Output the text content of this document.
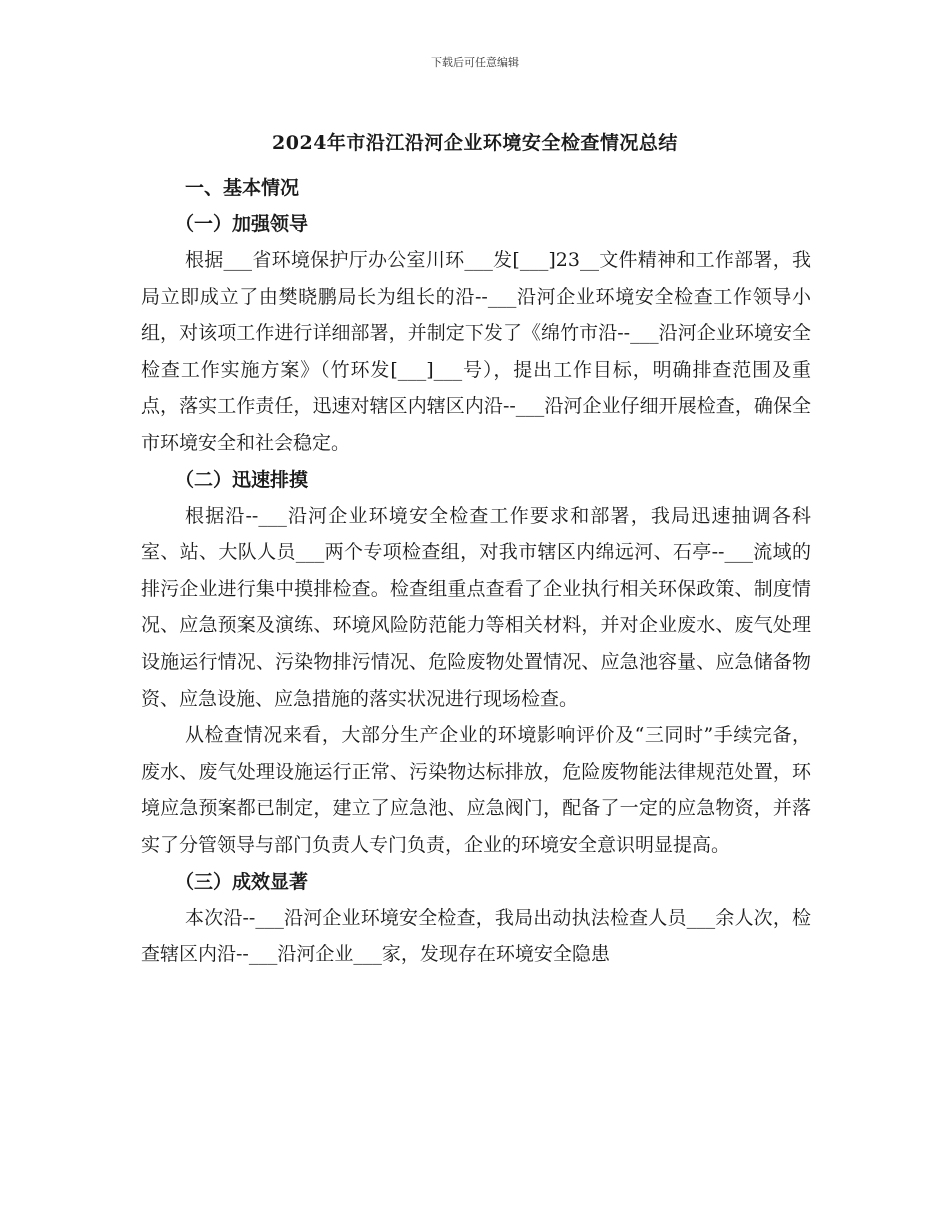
下载后可任意编辑
2024年市沿江沿河企业环境安全检查情况总结
一、基本情况
（一）加强领导

根据___省环境保护厅办公室川环___发[___]23__文件精神和工作部署，我局立即成立了由樊晓鹏局长为组长的沿--___沿河企业环境安全检查工作领导小组，对该项工作进行详细部署，并制定下发了《绵竹市沿--___沿河企业环境安全检查工作实施方案》（竹环发[___]___号），提出工作目标，明确排查范围及重点，落实工作责任，迅速对辖区内辖区内沿--___沿河企业仔细开展检查，确保全市环境安全和社会稳定。

（二）迅速排摸

根据沿--___沿河企业环境安全检查工作要求和部署，我局迅速抽调各科室、站、大队人员___两个专项检查组，对我市辖区内绵远河、石亭--___流域的排污企业进行集中摸排检查。检查组重点查看了企业执行相关环保政策、制度情况、应急预案及演练、环境风险防范能力等相关材料，并对企业废水、废气处理设施运行情况、污染物排污情况、危险废物处置情况、应急池容量、应急储备物资、应急设施、应急措施的落实状况进行现场检查。

从检查情况来看，大部分生产企业的环境影响评价及“三同时”手续完备，废水、废气处理设施运行正常、污染物达标排放，危险废物能法律规范处置，环境应急预案都已制定，建立了应急池、应急阀门，配备了一定的应急物资，并落实了分管领导与部门负责人专门负责，企业的环境安全意识明显提高。

（三）成效显著

本次沿--___沿河企业环境安全检查，我局出动执法检查人员___余人次，检查辖区内沿--___沿河企业___家，发现存在环境安全隐患
